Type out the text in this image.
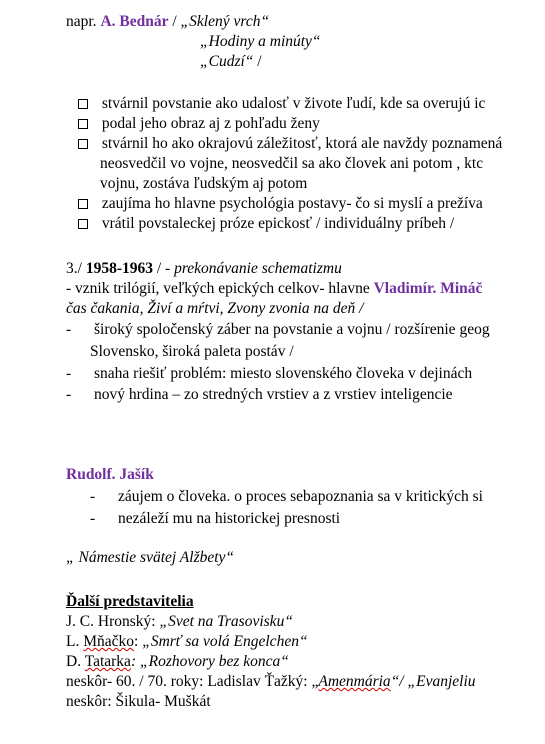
napr. A. Bednár / „Sklený vrch“
„Hodiny a minúty“
„Cudzí“ /
stvárnil povstanie ako udalosť v živote ľudí, kde sa overujú ic
podal jeho obraz aj z pohľadu ženy
stvárnil ho ako okrajovú záležitosť, ktorá ale navždy poznamená
neosvedčil vo vojne, neosvedčil sa ako človek ani potom , ktc
vojnu, zostáva ľudským aj potom
zaujíma ho hlavne psychológia postavy- čo si myslí a prežíva
vrátil povstaleckej próze epickosť / individuálny príbeh /
3./ 1958-1963 / - prekonávanie schematizmu
- vznik trilógií, veľkých epických celkov- hlavne Vladimír. Mináč
čas čakania, Živí a mŕtvi, Zvony zvonia na deň /
- široký spoločenský záber na povstanie a vojnu / rozšírenie geog
Slovensko, široká paleta postáv /
- snaha riešiť problém: miesto slovenského človeka v dejinách
- nový hrdina – zo stredných vrstiev a z vrstiev inteligencie
Rudolf. Jašík
- záujem o človeka. o proces sebapoznania sa v kritických si
- nezáleží mu na historickej presnosti
„ Námestie svätej Alžbety“
Ďalší predstavitelia
J. C. Hronský: „Svet na Trasovisku“
L. Mňačko: „Smrť sa volá Engelchen“
D. Tatarka: „Rozhovory bez konca“
neskôr- 60. / 70. roky: Ladislav Ťažký: „Amenmária“/ „Evanjeliu
neskôr: Šikula- Muškát
